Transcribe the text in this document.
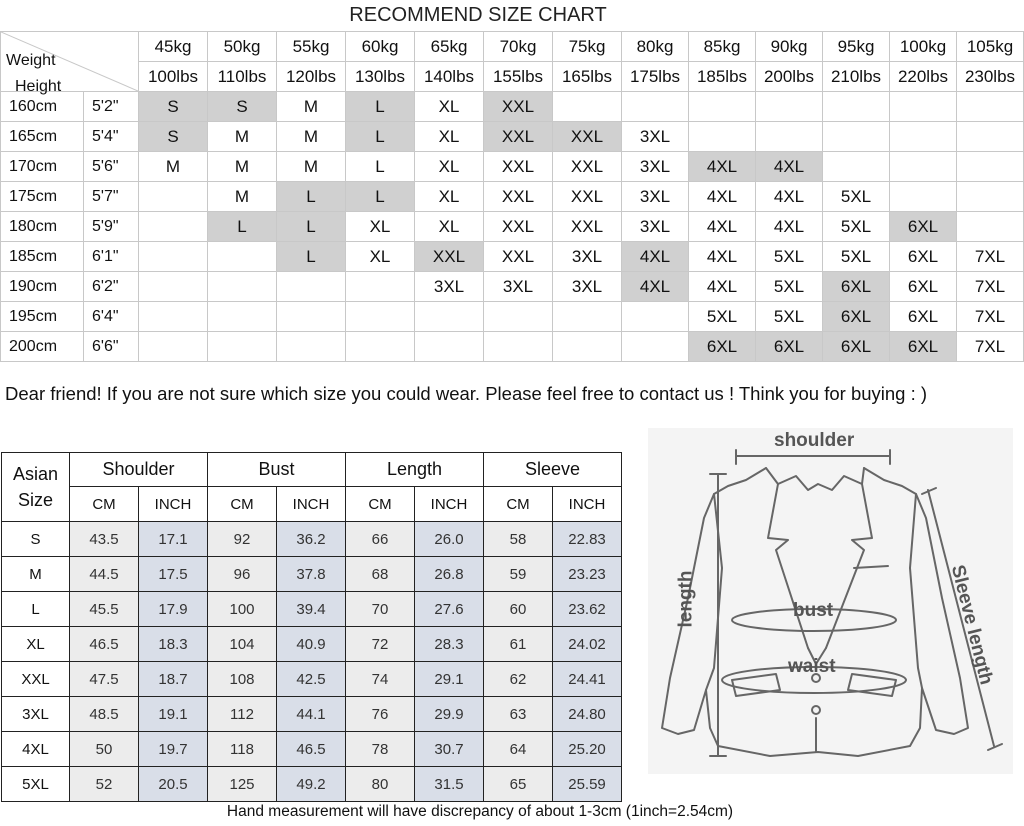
RECOMMEND SIZE CHART
Weight
Height		45kg	50kg	55kg	60kg	65kg	70kg	75kg	80kg	85kg	90kg	95kg	100kg	105kg
		100lbs	110lbs	120lbs	130lbs	140lbs	155lbs	165lbs	175lbs	185lbs	200lbs	210lbs	220lbs	230lbs
160cm	5'2"	S	S	M	L	XL	XXL							
165cm	5'4"	S	M	M	L	XL	XXL	XXL	3XL					
170cm	5'6"	M	M	M	L	XL	XXL	XXL	3XL	4XL	4XL			
175cm	5'7"		M	L	L	XL	XXL	XXL	3XL	4XL	4XL	5XL		
180cm	5'9"		L	L	XL	XL	XXL	XXL	3XL	4XL	4XL	5XL	6XL	
185cm	6'1"			L	XL	XXL	XXL	3XL	4XL	4XL	5XL	5XL	6XL	7XL
190cm	6'2"					3XL	3XL	3XL	4XL	4XL	5XL	6XL	6XL	7XL
195cm	6'4"									5XL	5XL	6XL	6XL	7XL
200cm	6'6"									6XL	6XL	6XL	6XL	7XL
Dear friend! If you are not sure which size you could wear. Please feel free to contact us ! Think you for buying : )
Asian
Size	Shoulder		Bust		Length		Sleeve	
	CM	INCH	CM	INCH	CM	INCH	CM	INCH
S	43.5	17.1	92	36.2	66	26.0	58	22.83
M	44.5	17.5	96	37.8	68	26.8	59	23.23
L	45.5	17.9	100	39.4	70	27.6	60	23.62
XL	46.5	18.3	104	40.9	72	28.3	61	24.02
XXL	47.5	18.7	108	42.5	74	29.1	62	24.41
3XL	48.5	19.1	112	44.1	76	29.9	63	24.80
4XL	50	19.7	118	46.5	78	30.7	64	25.20
5XL	52	20.5	125	49.2	80	31.5	65	25.59
Hand measurement will have discrepancy of about 1-3cm (1inch=2.54cm)
shoulder
bust
waist
length	Sleeve length
